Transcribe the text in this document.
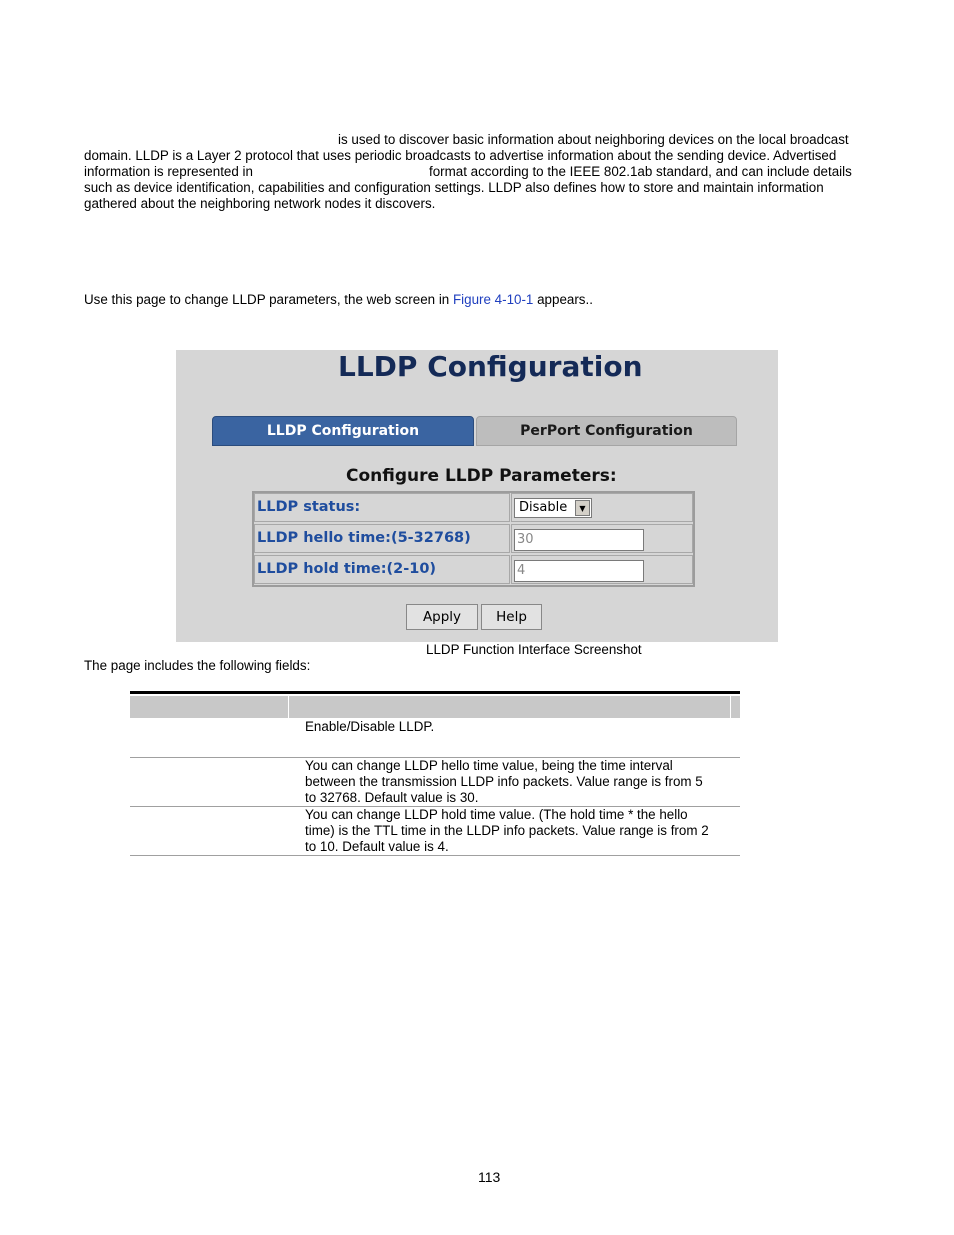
is used to discover basic information about neighboring devices on the local broadcast
domain. LLDP is a Layer 2 protocol that uses periodic broadcasts to advertise information about the sending device. Advertised
information is represented in	format according to the IEEE 802.1ab standard, and can include details
such as device identification, capabilities and configuration settings. LLDP also defines how to store and maintain information
gathered about the neighboring network nodes it discovers.
Use this page to change LLDP parameters, the web screen in Figure 4-10-1 appears..
LLDP Configuration
LLDP Configuration	PerPort Configuration
Configure LLDP Parameters:
LLDP status:	Disable	▼
LLDP hello time:(5-32768)	30
LLDP hold time:(2-10)	4
Apply	Help
LLDP Function Interface Screenshot
The page includes the following fields:
Enable/Disable LLDP.
You can change LLDP hello time value, being the time interval
between the transmission LLDP info packets. Value range is from 5
to 32768. Default value is 30.
You can change LLDP hold time value. (The hold time * the hello
time) is the TTL time in the LLDP info packets. Value range is from 2
to 10. Default value is 4.
113
